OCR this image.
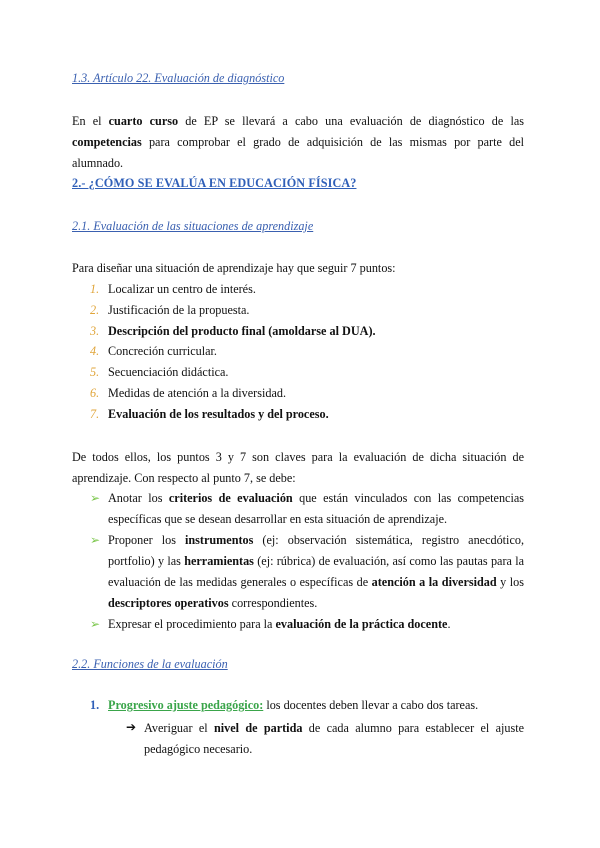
1.3. Artículo 22. Evaluación de diagnóstico

En el cuarto curso de EP se llevará a cabo una evaluación de diagnóstico de las competencias para comprobar el grado de adquisición de las mismas por parte del alumnado.

2.- ¿CÓMO SE EVALÚA EN EDUCACIÓN FÍSICA?
2.1. Evaluación de las situaciones de aprendizaje
Para diseñar una situación de aprendizaje hay que seguir 7 puntos:
1. Localizar un centro de interés.
2. Justificación de la propuesta.
3. Descripción del producto final (amoldarse al DUA).
4. Concreción curricular.
5. Secuenciación didáctica.
6. Medidas de atención a la diversidad.
7. Evaluación de los resultados y del proceso.
De todos ellos, los puntos 3 y 7 son claves para la evaluación de dicha situación de
aprendizaje. Con respecto al punto 7, se debe:
➢ Anotar los criterios de evaluación que están vinculados con las competencias específicas que se desean desarrollar en esta situación de aprendizaje.
➢ Proponer los instrumentos (ej: observación sistemática, registro anecdótico, portfolio) y las herramientas (ej: rúbrica) de evaluación, así como las pautas para la evaluación de las medidas generales o específicas de atención a la diversidad y los descriptores operativos correspondientes.
➢ Expresar el procedimiento para la evaluación de la práctica docente.
2.2. Funciones de la evaluación
1. Progresivo ajuste pedagógico: los docentes deben llevar a cabo dos tareas.
➔ Averiguar el nivel de partida de cada alumno para establecer el ajuste pedagógico necesario.
